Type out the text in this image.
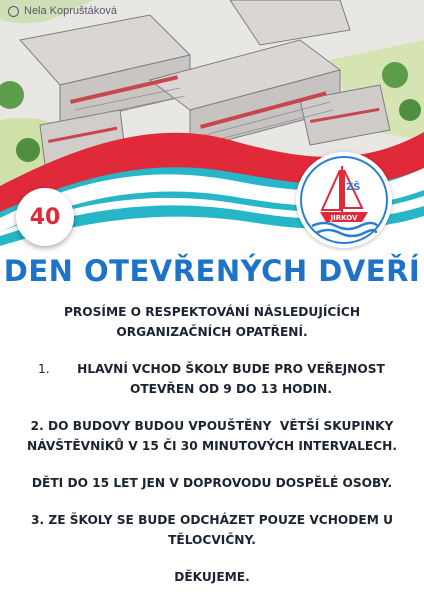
Nela Kopruštáková
40
ZŠ
JIRKOV
DEN OTEVŘENÝCH DVEŘÍ

PROSÍME O RESPEKTOVÁNÍ NÁSLEDUJÍCÍCH
ORGANIZAČNÍCH OPATŘENÍ.

1. HLAVNÍ VCHOD ŠKOLY BUDE PRO VEŘEJNOST
OTEVŘEN OD 9 DO 13 HODIN.

2. DO BUDOVY BUDOU VPOUŠTĚNY  VĚTŠÍ SKUPINKY
NÁVŠTĚVNÍKŮ V 15 ČI 30 MINUTOVÝCH INTERVALECH.

DĚTI DO 15 LET JEN V DOPROVODU DOSPĚLÉ OSOBY.

3. ZE ŠKOLY SE BUDE ODCHÁZET POUZE VCHODEM U
TĚLOCVIČNY.

DĚKUJEME.
